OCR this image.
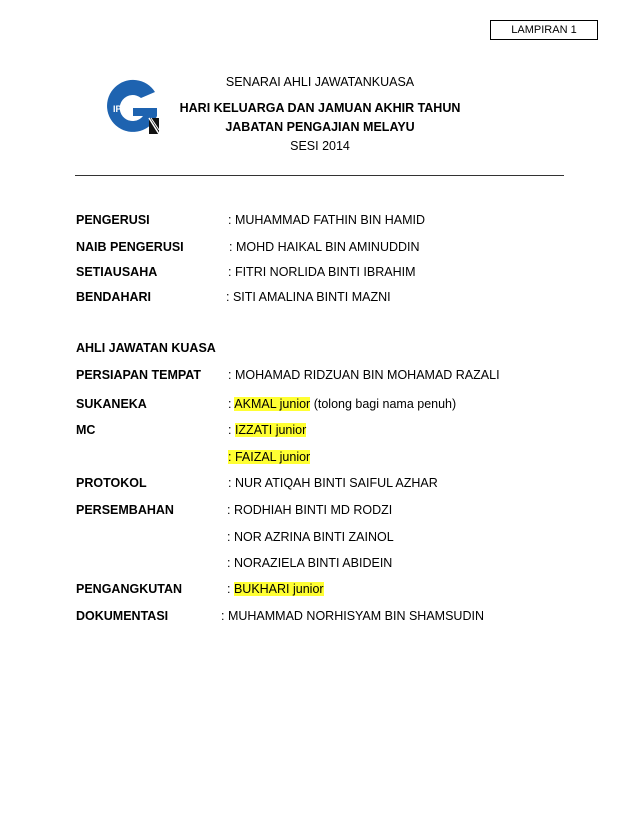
LAMPIRAN 1
IPG
SENARAI AHLI JAWATANKUASA
HARI KELUARGA DAN JAMUAN AKHIR TAHUN
JABATAN PENGAJIAN MELAYU
SESI 2014
PENGERUSI	: MUHAMMAD FATHIN BIN HAMID
NAIB PENGERUSI	: MOHD HAIKAL BIN AMINUDDIN
SETIAUSAHA	: FITRI NORLIDA BINTI IBRAHIM
BENDAHARI	: SITI AMALINA BINTI MAZNI
AHLI JAWATAN KUASA
PERSIAPAN TEMPAT : MOHAMAD RIDZUAN BIN MOHAMAD RAZALI
SUKANEKA	: AKMAL junior (tolong bagi nama penuh)
MC	: IZZATI junior
: FAIZAL junior
PROTOKOL	: NUR ATIQAH BINTI SAIFUL AZHAR
PERSEMBAHAN	: RODHIAH BINTI MD RODZI
: NOR AZRINA BINTI ZAINOL
: NORAZIELA BINTI ABIDEIN
PENGANGKUTAN	: BUKHARI junior
DOKUMENTASI	: MUHAMMAD NORHISYAM BIN SHAMSUDIN
